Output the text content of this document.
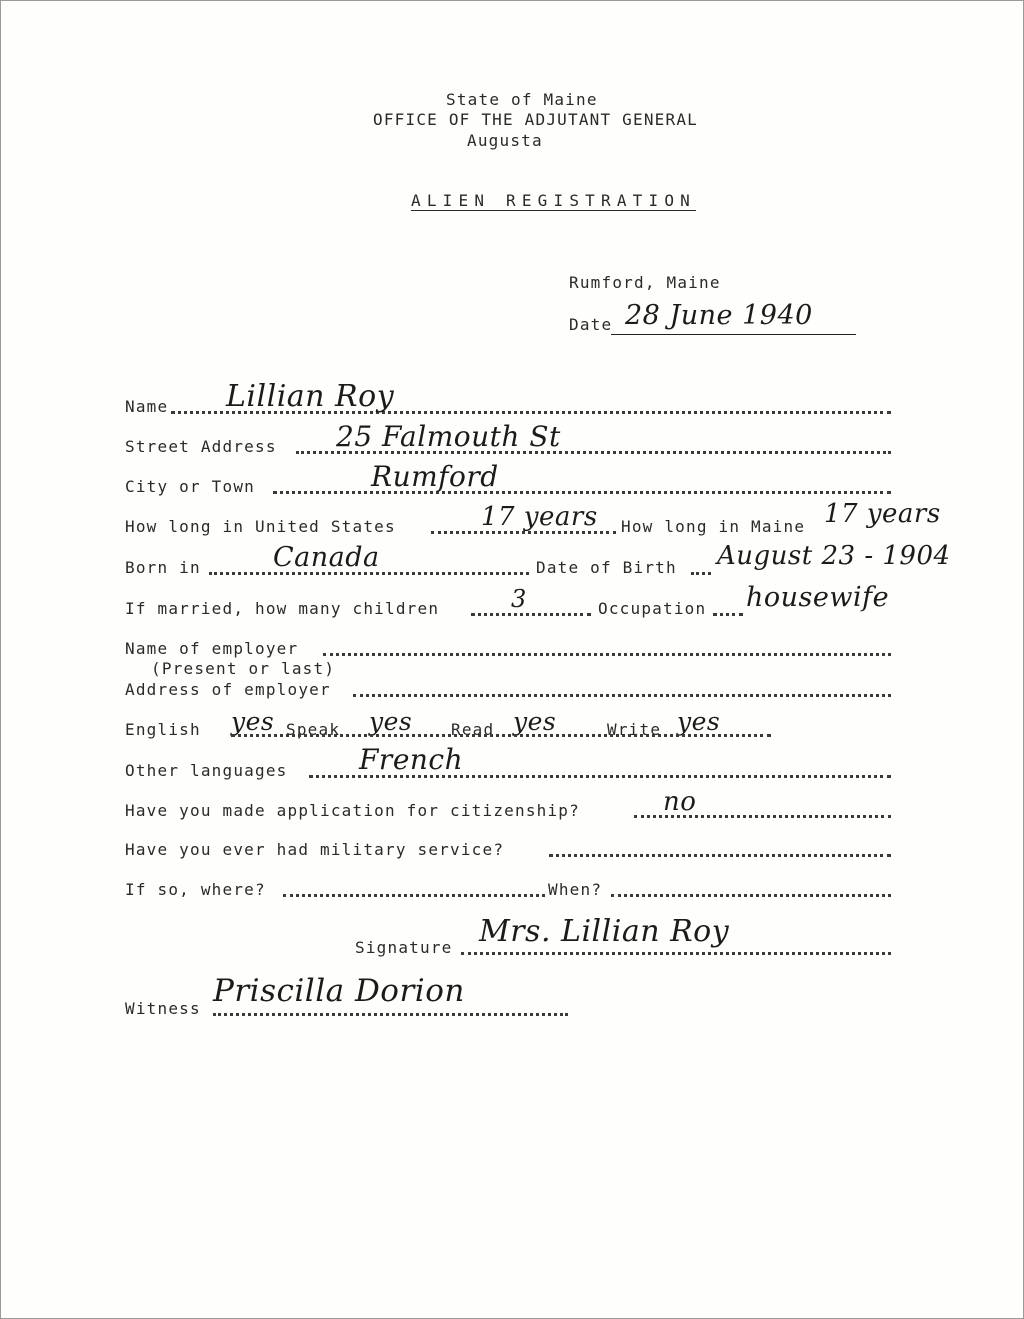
State of Maine
OFFICE OF THE ADJUTANT GENERAL
Augusta
ALIEN REGISTRATION
Rumford, Maine
Date 28 June 1940
Name Lillian Roy
Street Address 25 Falmouth St
City or Town	Rumford
How long in United States	17 years How long in Maine 17 years
Born in	Canada	Date of Birth August 23 - 1904
If married, how many children	3	Occupation housewife
Name of employer
(Present or last)
Address of employer
English yes Speak yes Read yes	Write yes
Other languages	French
Have you made application for citizenship?	no
Have you ever had military service?
If so, where?	When?
Signature Mrs. Lillian Roy
Witness Priscilla Dorion
